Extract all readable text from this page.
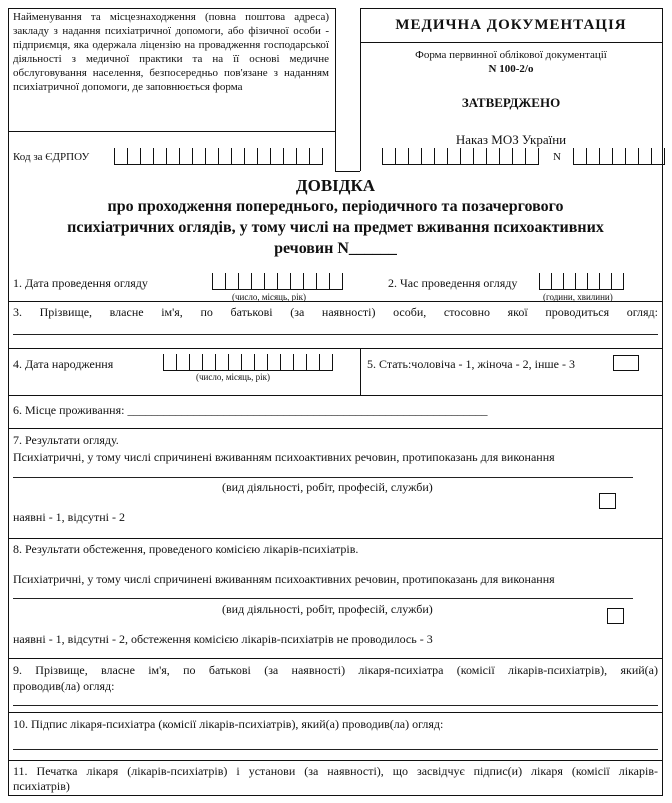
Найменування та місцезнаходження (повна поштова адреса) закладу з надання психіатричної допомоги, або фізичної особи - підприємця, яка одержала ліцензію на провадження господарської діяльності з медичної практики та на її основі медичне обслуговування населення, безпосередньо пов'язане з наданням психіатричної допомоги, де заповнюється форма
Код за ЄДРПОУ
МЕДИЧНА ДОКУМЕНТАЦІЯ
Форма первинної облікової документації
N 100-2/о
ЗАТВЕРДЖЕНО
Наказ МОЗ України
N
ДОВІДКА
про проходження попереднього, періодичного та позачергового
психіатричних оглядів, у тому числі на предмет вживання психоактивних
речовин N______
1. Дата проведення огляду
(число, місяць, рік)
2. Час проведення огляду
(години, хвилини)
3. Прізвище, власне ім'я, по батькові (за наявності) особи, стосовно якої проводиться огляд:
4. Дата народження
(число, місяць, рік)
5. Стать:чоловіча - 1, жіноча - 2, інше - 3
6. Місце проживання: ____________________________________________________________
7. Результати огляду.
Психіатричні, у тому числі спричинені вживанням психоактивних речовин, протипоказань для виконання
(вид діяльності, робіт, професій, служби)
наявні - 1, відсутні - 2
8. Результати обстеження, проведеного комісією лікарів-психіатрів.
Психіатричні, у тому числі спричинені вживанням психоактивних речовин, протипоказань для виконання
(вид діяльності, робіт, професій, служби)
наявні - 1, відсутні - 2, обстеження комісією лікарів-психіатрів не проводилось - 3
9. Прізвище, власне ім'я, по батькові (за наявності) лікаря-психіатра (комісії лікарів-психіатрів), який(а)
проводив(ла) огляд:
10. Підпис лікаря-психіатра (комісії лікарів-психіатрів), який(а) проводив(ла) огляд:
11. Печатка лікаря (лікарів-психіатрів) і установи (за наявності), що засвідчує підпис(и) лікаря (комісії лікарів-
психіатрів)
